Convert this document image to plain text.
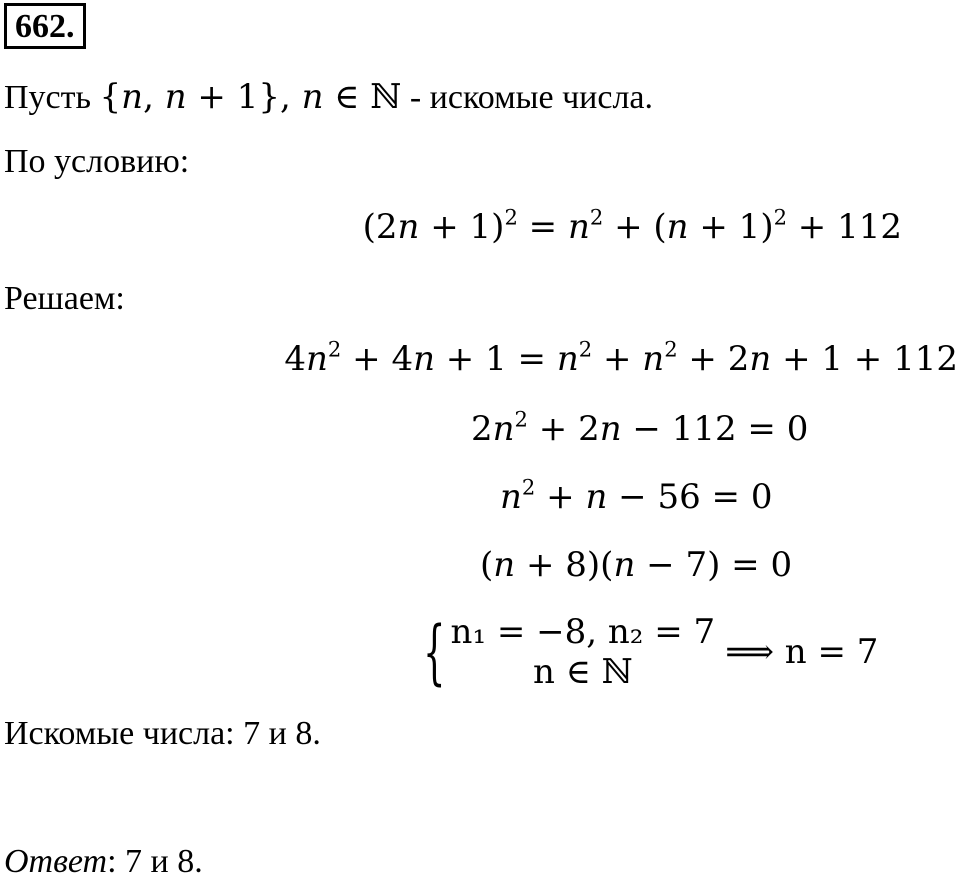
662.
Пусть {n, n + 1}, n ∈ ℕ - искомые числа.
По условию:
$(2n + 1)^2 = n^2 + (n + 1)^2 + 112$
Решаем:
$4n^2 + 4n + 1 = n^2 + n^2 + 2n + 1 + 112$
$2n^2 + 2n - 112 = 0$
$n^2 + n - 56 = 0$
(n + 8)(n − 7) = 0
{ n₁ = −8, n₂ = 7
n ∈ ℕ	⟹ n = 7
Искомые числа: 7 и 8.
Ответ: 7 и 8.
